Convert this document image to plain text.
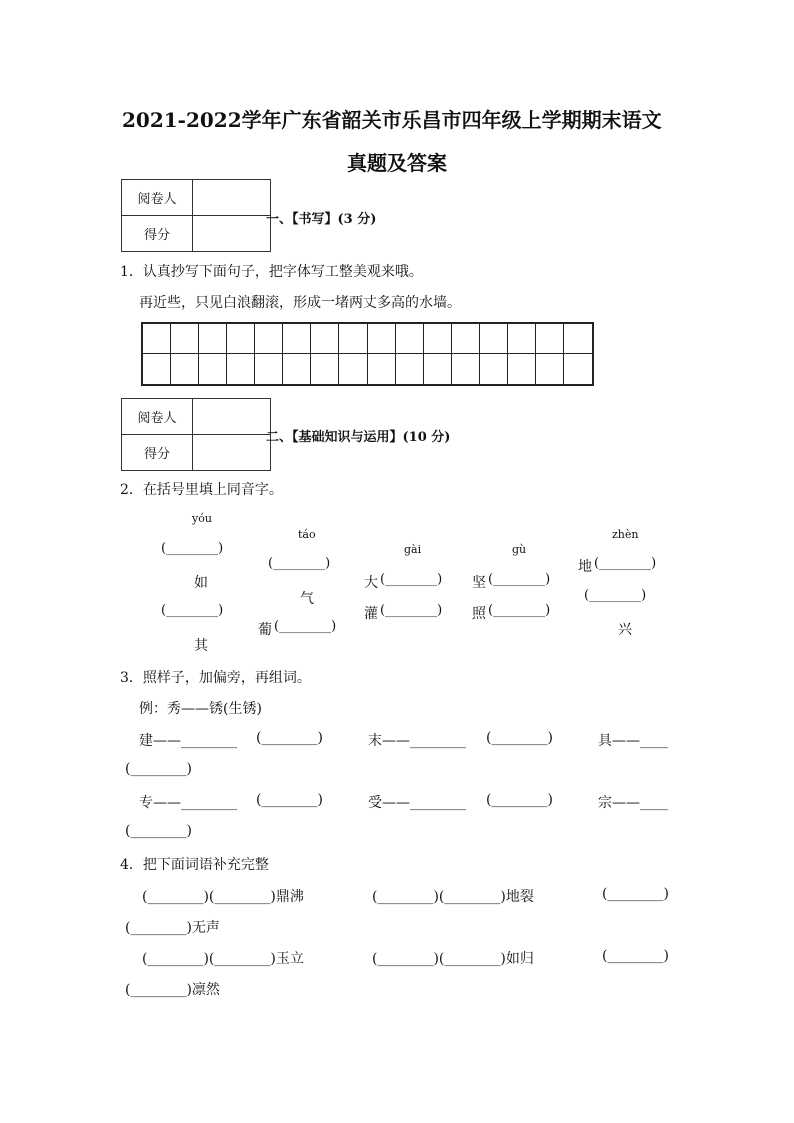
2021-2022学年广东省韶关市乐昌市四年级上学期期末语文
真题及答案
阅卷人	
得分	
一、【书写】(3 分)
1．认真抄写下面句子，把字体写工整美观来哦。
再近些，只见白浪翻滚，形成一堵两丈多高的水墙。
阅卷人	
得分	
二、【基础知识与运用】(10 分)
2．在括号里填上同音字。
yóu
(________)
如
(________)
其
táo
(________)
气
葡 (________)
gài
大 (________)
灌 (________)
gù
坚 (________)
照 (________)
zhèn
地 (________)
(________)
兴
3．照样子，加偏旁，再组词。
例：秀——锈(生锈)
建——________ (________)	末——________ (________)	具——____
(________)
专——________ (________)	受——________ (________)	宗——____
(________)
4．把下面词语补充完整
(________)(________)鼎沸	(________)(________)地裂	(________)
(________)无声
(________)(________)玉立	(________)(________)如归	(________)
(________)凛然
